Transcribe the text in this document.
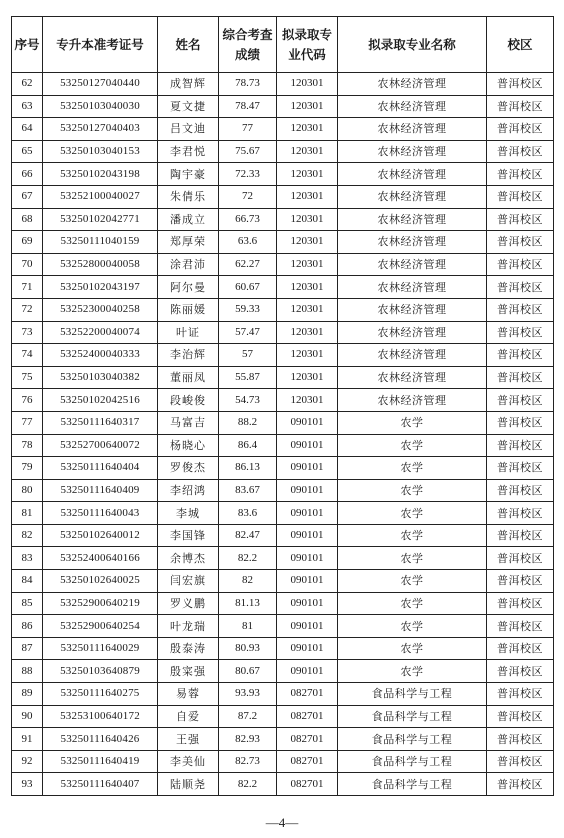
序号	专升本准考证号	姓名	综合考查成绩	拟录取专业代码	拟录取专业名称	校区

62	53250127040440	成智辉	78.73	120301	农林经济管理	普洱校区
63	53250103040030	夏文捷	78.47	120301	农林经济管理	普洱校区
64	53250127040403	吕文迪	77	120301	农林经济管理	普洱校区
65	53250103040153	李君悦	75.67	120301	农林经济管理	普洱校区
66	53250102043198	陶宇豪	72.33	120301	农林经济管理	普洱校区
67	53252100040027	朱倩乐	72	120301	农林经济管理	普洱校区
68	53250102042771	潘成立	66.73	120301	农林经济管理	普洱校区
69	53250111040159	郑厚荣	63.6	120301	农林经济管理	普洱校区
70	53252800040058	涂君沛	62.27	120301	农林经济管理	普洱校区
71	53250102043197	阿尔曼	60.67	120301	农林经济管理	普洱校区
72	53252300040258	陈丽媛	59.33	120301	农林经济管理	普洱校区
73	53252200040074	叶证	57.47	120301	农林经济管理	普洱校区
74	53252400040333	李治辉	57	120301	农林经济管理	普洱校区
75	53250103040382	董丽凤	55.87	120301	农林经济管理	普洱校区
76	53250102042516	段峻俊	54.73	120301	农林经济管理	普洱校区
77	53250111640317	马富吉	88.2	090101	农学	普洱校区
78	53252700640072	杨晓心	86.4	090101	农学	普洱校区
79	53250111640404	罗俊杰	86.13	090101	农学	普洱校区
80	53250111640409	李绍鸿	83.67	090101	农学	普洱校区
81	53250111640043	李城	83.6	090101	农学	普洱校区
82	53250102640012	李国锋	82.47	090101	农学	普洱校区
83	53252400640166	余博杰	82.2	090101	农学	普洱校区
84	53250102640025	闫宏旗	82	090101	农学	普洱校区
85	53252900640219	罗义鹏	81.13	090101	农学	普洱校区
86	53252900640254	叶龙瑞	81	090101	农学	普洱校区
87	53250111640029	殷泰涛	80.93	090101	农学	普洱校区
88	53250103640879	殷寀强	80.67	090101	农学	普洱校区
89	53250111640275	易蓉	93.93	082701	食品科学与工程	普洱校区
90	53253100640172	自爱	87.2	082701	食品科学与工程	普洱校区
91	53250111640426	王强	82.93	082701	食品科学与工程	普洱校区
92	53250111640419	李美仙	82.73	082701	食品科学与工程	普洱校区
93	53250111640407	陆顺尧	82.2	082701	食品科学与工程	普洱校区
—4—
